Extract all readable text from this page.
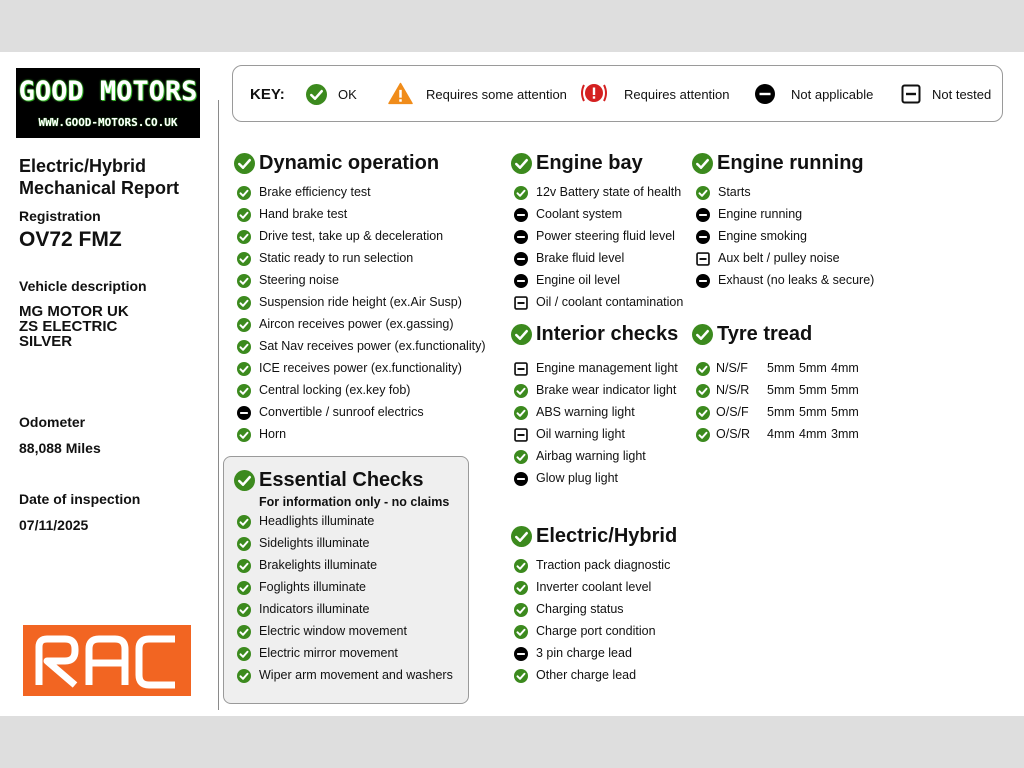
GOOD MOTORS
WWW.GOOD-MOTORS.CO.UK
Electric/Hybrid
Mechanical Report
Registration
OV72 FMZ
Vehicle description
MG MOTOR UK
ZS ELECTRIC
SILVER
Odometer
88,088 Miles
Date of inspection
07/11/2025
KEY:	OK	Requires some attention	Requires attention	Not applicable	Not tested
Dynamic operation
Essential Checks
For information only - no claims
Engine bay
Interior checks
Electric/Hybrid
Engine running
Tyre tread
Brake efficiency test
Hand brake test
Drive test, take up & deceleration
Static ready to run selection
Steering noise
Suspension ride height (ex.Air Susp)
Aircon receives power (ex.gassing)
Sat Nav receives power (ex.functionality)
ICE receives power (ex.functionality)
Central locking (ex.key fob)
Convertible / sunroof electrics
Horn
Headlights illuminate
Sidelights illuminate
Brakelights illuminate
Foglights illuminate
Indicators illuminate
Electric window movement
Electric mirror movement
Wiper arm movement and washers
12v Battery state of health
Coolant system
Power steering fluid level
Brake fluid level
Engine oil level
Oil / coolant contamination
Engine management light
Brake wear indicator light
ABS warning light
Oil warning light
Airbag warning light
Glow plug light
Traction pack diagnostic
Inverter coolant level
Charging status
Charge port condition
3 pin charge lead
Other charge lead
Starts
Engine running
Engine smoking
Aux belt / pulley noise
Exhaust (no leaks & secure)
N/S/F 5mm 5mm 4mm
N/S/R 5mm 5mm 5mm
O/S/F 5mm 5mm 5mm
O/S/R 4mm 4mm 3mm
